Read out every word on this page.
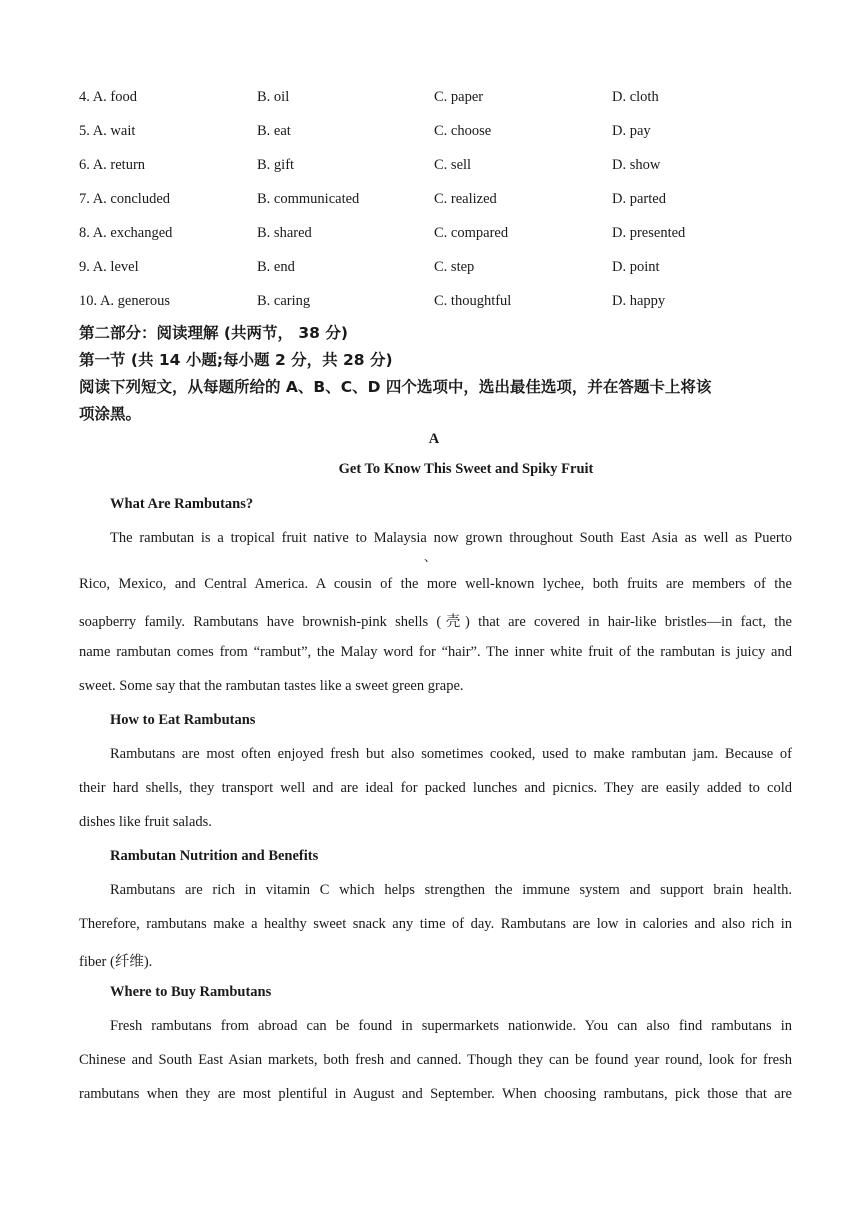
4. A. food	B. oil	C. paper	D. cloth
5. A. wait	B. eat	C. choose	D. pay
6. A. return	B. gift	C. sell	D. show
7. A. concluded	B. communicated	C. realized	D. parted
8. A. exchanged	B. shared	C. compared	D. presented
9. A. level	B. end	C. step	D. point
10. A. generous	B. caring	C. thoughtful	D. happy
第二部分：阅读理解 (共两节， 38 分)
第一节 (共 14 小题;每小题 2 分，共 28 分)
阅读下列短文，从每题所给的 A、B、C、D 四个选项中，选出最佳选项，并在答题卡上将该
项涂黑。
A
Get To Know This Sweet and Spiky Fruit
What Are Rambutans?
The rambutan is a tropical fruit native to Malaysia now grown throughout South East Asia as well as Puerto
、
Rico, Mexico, and Central America. A cousin of the more well-known lychee, both fruits are members of the
soapberry family. Rambutans have brownish-pink shells (壳) that are covered in hair-like bristles—in fact, the
name rambutan comes from “rambut”, the Malay word for “hair”. The inner white fruit of the rambutan is juicy and
sweet. Some say that the rambutan tastes like a sweet green grape.
How to Eat Rambutans
Rambutans are most often enjoyed fresh but also sometimes cooked, used to make rambutan jam. Because of
their hard shells, they transport well and are ideal for packed lunches and picnics. They are easily added to cold
dishes like fruit salads.
Rambutan Nutrition and Benefits
Rambutans are rich in vitamin C which helps strengthen the immune system and support brain health.
Therefore, rambutans make a healthy sweet snack any time of day. Rambutans are low in calories and also rich in
fiber (纤维).
Where to Buy Rambutans
Fresh rambutans from abroad can be found in supermarkets nationwide. You can also find rambutans in
Chinese and South East Asian markets, both fresh and canned. Though they can be found year round, look for fresh
rambutans when they are most plentiful in August and September. When choosing rambutans, pick those that are
